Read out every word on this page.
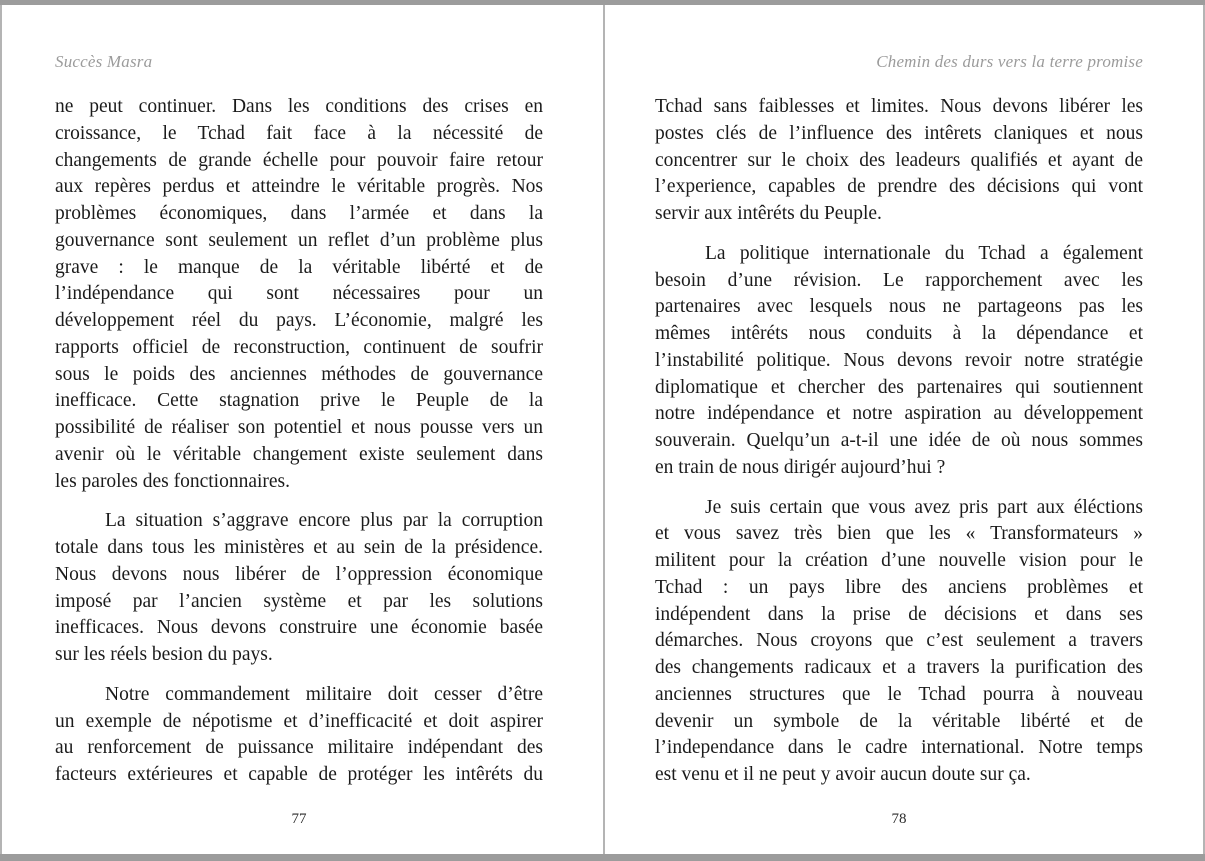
Succès Masra
ne peut continuer. Dans les conditions des crises en
croissance, le Tchad fait face à la nécessité de
changements de grande échelle pour pouvoir faire retour
aux repères perdus et atteindre le véritable progrès. Nos
problèmes économiques, dans l’armée et dans la
gouvernance sont seulement un reflet d’un problème plus
grave : le manque de la véritable libérté et de
l’indépendance qui sont nécessaires pour un
développement réel du pays. L’économie, malgré les
rapports officiel de reconstruction, continuent de soufrir
sous le poids des anciennes méthodes de gouvernance
inefficace. Cette stagnation prive le Peuple de la
possibilité de réaliser son potentiel et nous pousse vers un
avenir où le véritable changement existe seulement dans
les paroles des fonctionnaires.
La situation s’aggrave encore plus par la corruption
totale dans tous les ministères et au sein de la présidence.
Nous devons nous libérer de l’oppression économique
imposé par l’ancien système et par les solutions
inefficaces. Nous devons construire une économie basée
sur les réels besion du pays.
Notre commandement militaire doit cesser d’être
un exemple de népotisme et d’inefficacité et doit aspirer
au renforcement de puissance militaire indépendant des
facteurs extérieures et capable de protéger les intêréts du
77
Chemin des durs vers la terre promise
Tchad sans faiblesses et limites. Nous devons libérer les
postes clés de l’influence des intêrets claniques et nous
concentrer sur le choix des leadeurs qualifiés et ayant de
l’experience, capables de prendre des décisions qui vont
servir aux intêréts du Peuple.
La politique internationale du Tchad a également
besoin d’une révision. Le rapporchement avec les
partenaires avec lesquels nous ne partageons pas les
mêmes intêréts nous conduits à la dépendance et
l’instabilité politique. Nous devons revoir notre stratégie
diplomatique et chercher des partenaires qui soutiennent
notre indépendance et notre aspiration au développement
souverain. Quelqu’un a-t-il une idée de où nous sommes
en train de nous dirigér aujourd’hui ?
Je suis certain que vous avez pris part aux éléctions
et vous savez très bien que les « Transformateurs »
militent pour la création d’une nouvelle vision pour le
Tchad : un pays libre des anciens problèmes et
indépendent dans la prise de décisions et dans ses
démarches. Nous croyons que c’est seulement a travers
des changements radicaux et a travers la purification des
anciennes structures que le Tchad pourra à nouveau
devenir un symbole de la véritable libérté et de
l’independance dans le cadre international. Notre temps
est venu et il ne peut y avoir aucun doute sur ça.
78
